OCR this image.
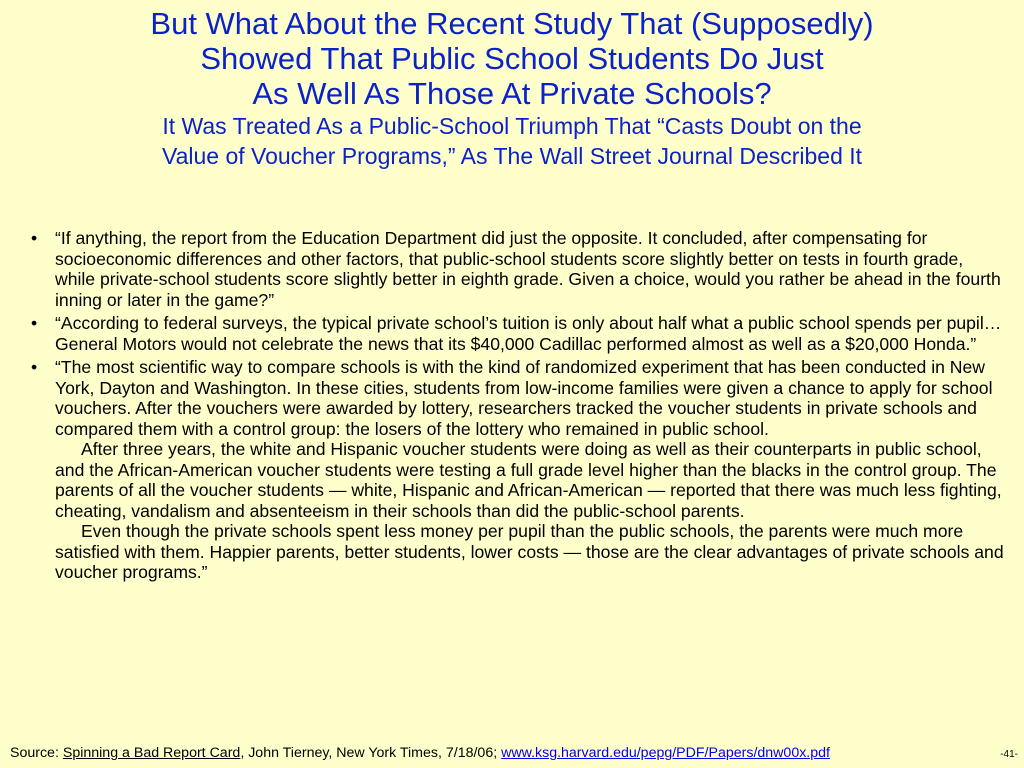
But What About the Recent Study That (Supposedly)
Showed That Public School Students Do Just
As Well As Those At Private Schools?
It Was Treated As a Public-School Triumph That “Casts Doubt on the
Value of Voucher Programs,” As The Wall Street Journal Described It
• “If anything, the report from the Education Department did just the opposite. It concluded, after compensating for socioeconomic differences and other factors, that public-school students score slightly better on tests in fourth grade, while private-school students score slightly better in eighth grade. Given a choice, would you rather be ahead in the fourth inning or later in the game?”
• “According to federal surveys, the typical private school’s tuition is only about half what a public school spends per pupil…General Motors would not celebrate the news that its $40,000 Cadillac performed almost as well as a $20,000 Honda.”
• “The most scientific way to compare schools is with the kind of randomized experiment that has been conducted in New York, Dayton and Washington. In these cities, students from low-income families were given a chance to apply for school vouchers. After the vouchers were awarded by lottery, researchers tracked the voucher students in private schools and compared them with a control group: the losers of the lottery who remained in public school.
After three years, the white and Hispanic voucher students were doing as well as their counterparts in public school, and the African-American voucher students were testing a full grade level higher than the blacks in the control group. The parents of all the voucher students — white, Hispanic and African-American — reported that there was much less fighting, cheating, vandalism and absenteeism in their schools than did the public-school parents.
Even though the private schools spent less money per pupil than the public schools, the parents were much more satisfied with them. Happier parents, better students, lower costs — those are the clear advantages of private schools and voucher programs.”
Source: Spinning a Bad Report Card, John Tierney, New York Times, 7/18/06; www.ksg.harvard.edu/pepg/PDF/Papers/dnw00x.pdf	-41-
